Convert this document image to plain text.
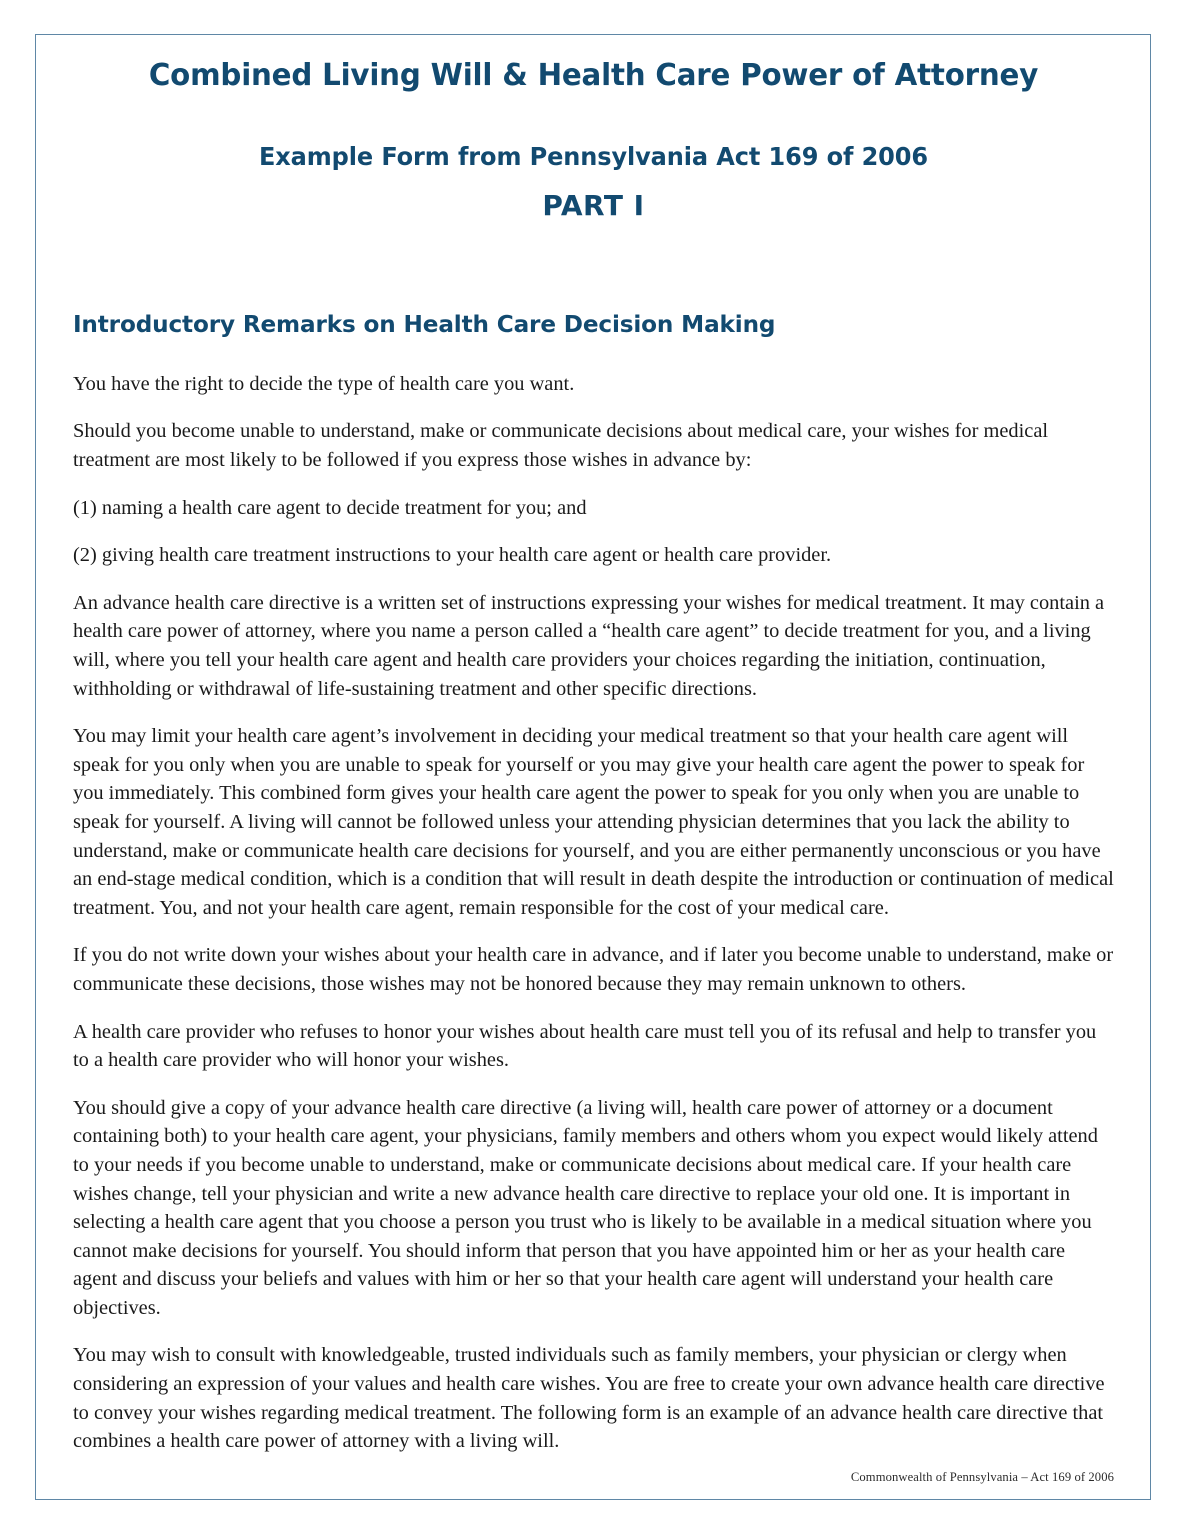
Combined Living Will & Health Care Power of Attorney
Example Form from Pennsylvania Act 169 of 2006
PART I
Introductory Remarks on Health Care Decision Making

You have the right to decide the type of health care you want.

Should you become unable to understand, make or communicate decisions about medical care, your wishes for medical treatment are most likely to be followed if you express those wishes in advance by:

(1) naming a health care agent to decide treatment for you; and

(2) giving health care treatment instructions to your health care agent or health care provider.

An advance health care directive is a written set of instructions expressing your wishes for medical treatment. It may contain a health care power of attorney, where you name a person called a “health care agent” to decide treatment for you, and a living will, where you tell your health care agent and health care providers your choices regarding the initiation, continuation, withholding or withdrawal of life-sustaining treatment and other specific directions.

You may limit your health care agent’s involvement in deciding your medical treatment so that your health care agent will speak for you only when you are unable to speak for yourself or you may give your health care agent the power to speak for you immediately. This combined form gives your health care agent the power to speak for you only when you are unable to speak for yourself. A living will cannot be followed unless your attending physician determines that you lack the ability to understand, make or communicate health care decisions for yourself, and you are either permanently unconscious or you have an end-stage medical condition, which is a condition that will result in death despite the introduction or continuation of medical treatment. You, and not your health care agent, remain responsible for the cost of your medical care.

If you do not write down your wishes about your health care in advance, and if later you become unable to understand, make or communicate these decisions, those wishes may not be honored because they may remain unknown to others.

A health care provider who refuses to honor your wishes about health care must tell you of its refusal and help to transfer you to a health care provider who will honor your wishes.

You should give a copy of your advance health care directive (a living will, health care power of attorney or a document containing both) to your health care agent, your physicians, family members and others whom you expect would likely attend to your needs if you become unable to understand, make or communicate decisions about medical care. If your health care wishes change, tell your physician and write a new advance health care directive to replace your old one. It is important in selecting a health care agent that you choose a person you trust who is likely to be available in a medical situation where you cannot make decisions for yourself. You should inform that person that you have appointed him or her as your health care agent and discuss your beliefs and values with him or her so that your health care agent will understand your health care objectives.

You may wish to consult with knowledgeable, trusted individuals such as family members, your physician or clergy when considering an expression of your values and health care wishes. You are free to create your own advance health care directive to convey your wishes regarding medical treatment. The following form is an example of an advance health care directive that combines a health care power of attorney with a living will.

Commonwealth of Pennsylvania – Act 169 of 2006
